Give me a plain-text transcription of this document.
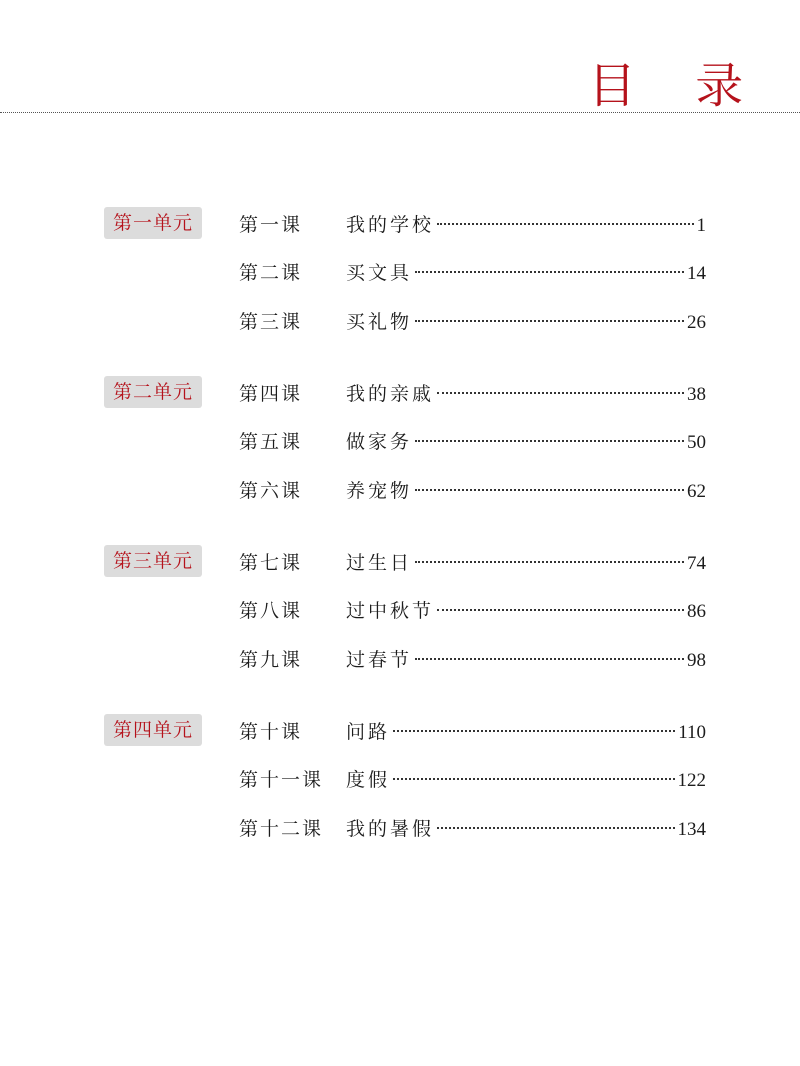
目 录
第一单元	第一课 我的学校	1
第二课 买文具	14
第三课 买礼物	26
第二单元	第四课 我的亲戚	38
第五课 做家务	50
第六课 养宠物	62
第三单元	第七课 过生日	74
第八课 过中秋节	86
第九课 过春节	98
第四单元	第十课 问路	110
第十一课 度假	122
第十二课 我的暑假	134
